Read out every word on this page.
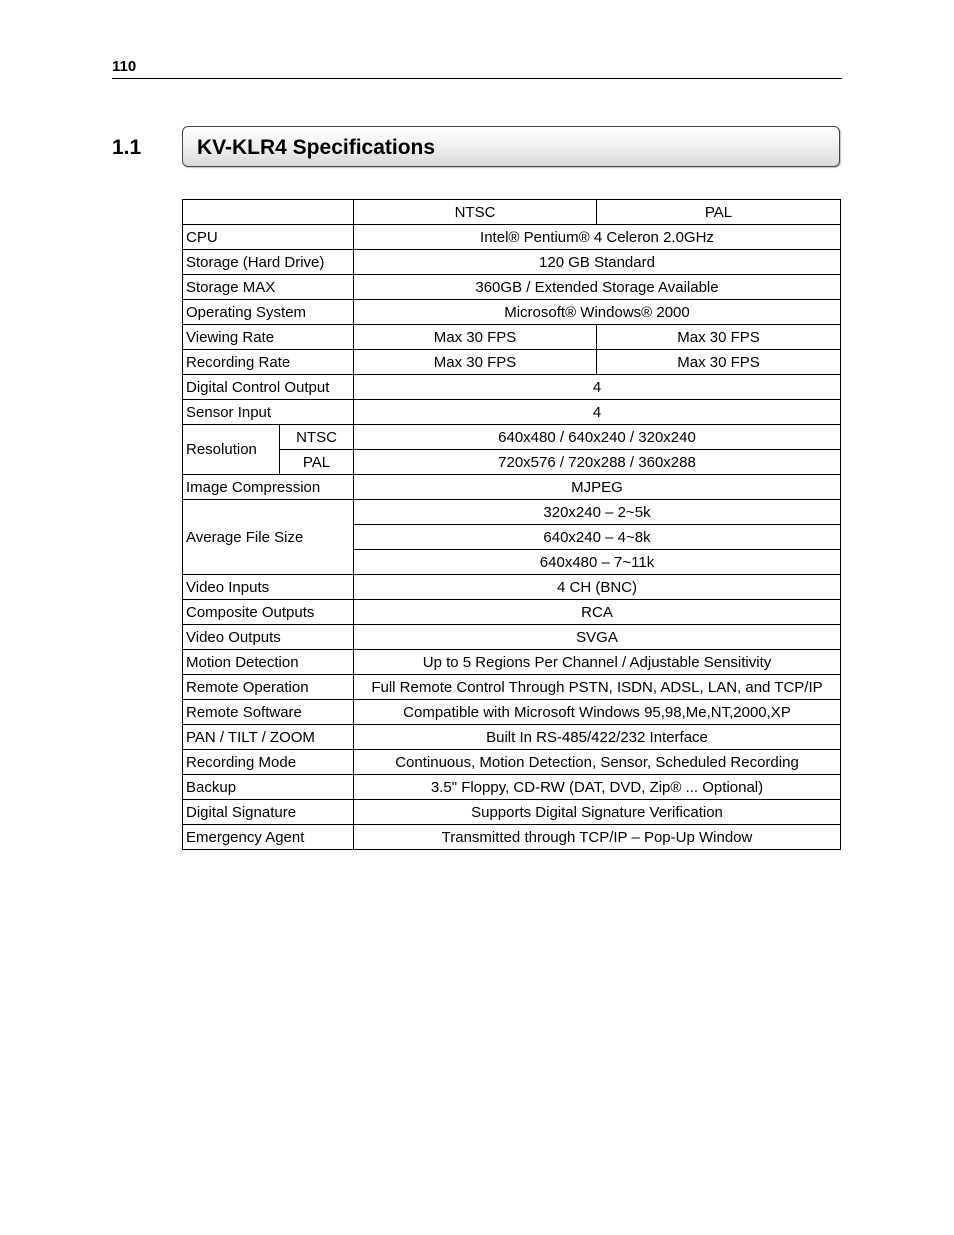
110
1.1	KV-KLR4 Specifications
		NTSC	PAL
CPU		Intel® Pentium® 4 Celeron 2.0GHz	
Storage (Hard Drive)		120 GB Standard	
Storage MAX		360GB / Extended Storage Available	
Operating System		Microsoft® Windows® 2000	
Viewing Rate		Max 30 FPS	Max 30 FPS
Recording Rate		Max 30 FPS	Max 30 FPS
Digital Control Output		4	
Sensor Input		4	
Resolution	NTSC	640x480 / 640x240 / 320x240	
	PAL	720x576 / 720x288 / 360x288	
Image Compression		MJPEG	
Average File Size		320x240 – 2~5k	
		640x240 – 4~8k	
		640x480 – 7~11k	
Video Inputs		4 CH (BNC)	
Composite Outputs		RCA	
Video Outputs		SVGA	
Motion Detection		Up to 5 Regions Per Channel / Adjustable Sensitivity	
Remote Operation		Full Remote Control Through PSTN, ISDN, ADSL, LAN, and TCP/IP	
Remote Software		Compatible with Microsoft Windows 95,98,Me,NT,2000,XP	
PAN / TILT / ZOOM		Built In RS-485/422/232 Interface	
Recording Mode		Continuous, Motion Detection, Sensor, Scheduled Recording	
Backup		3.5" Floppy, CD-RW (DAT, DVD, Zip® ... Optional)	
Digital Signature		Supports Digital Signature Verification	
Emergency Agent		Transmitted through TCP/IP – Pop-Up Window	
